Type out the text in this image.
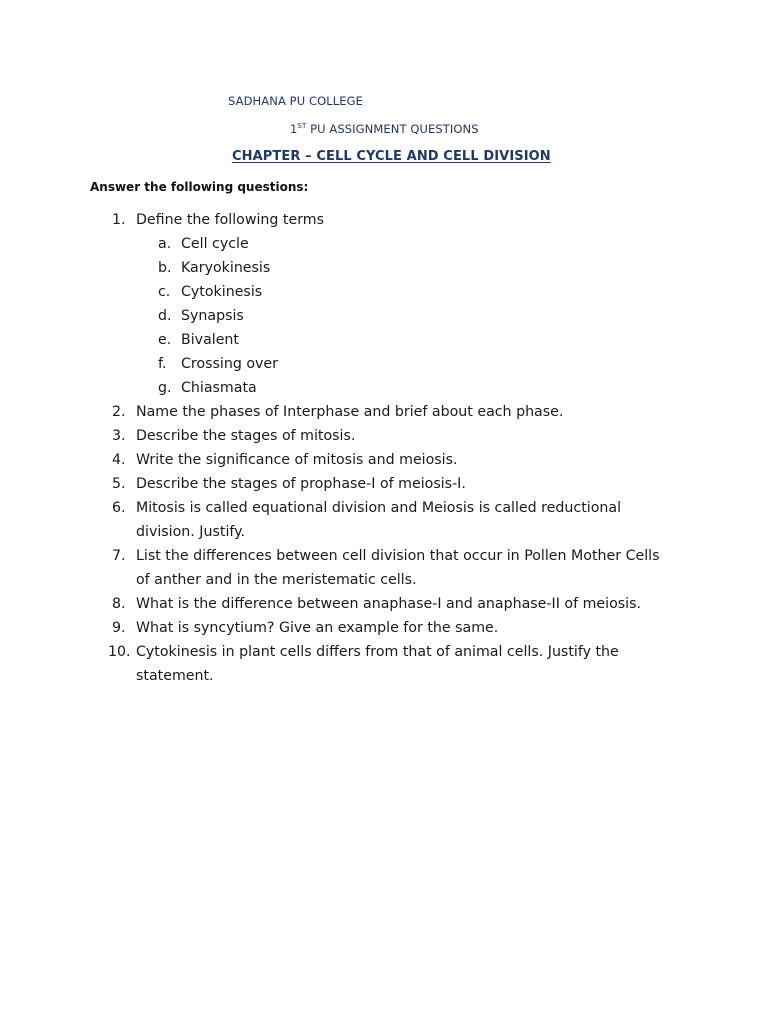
SADHANA PU COLLEGE
1ST PU ASSIGNMENT QUESTIONS
CHAPTER – CELL CYCLE AND CELL DIVISION
Answer the following questions:
1. Define the following terms
a. Cell cycle
b. Karyokinesis
c. Cytokinesis
d. Synapsis
e. Bivalent
f. Crossing over
g. Chiasmata
2. Name the phases of Interphase and brief about each phase.
3. Describe the stages of mitosis.
4. Write the significance of mitosis and meiosis.
5. Describe the stages of prophase-I of meiosis-I.
6. Mitosis is called equational division and Meiosis is called reductional
division. Justify.
7. List the differences between cell division that occur in Pollen Mother Cells
of anther and in the meristematic cells.
8. What is the difference between anaphase-I and anaphase-II of meiosis.
9. What is syncytium? Give an example for the same.
10. Cytokinesis in plant cells differs from that of animal cells. Justify the
statement.
